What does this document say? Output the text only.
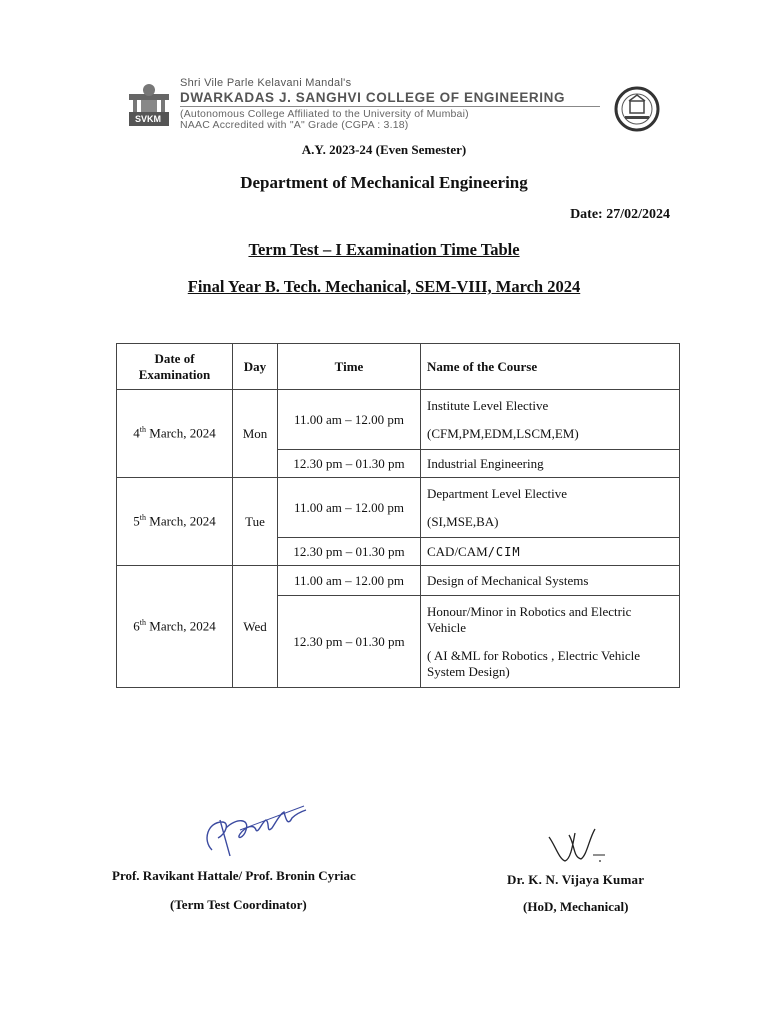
SVKM
Shri Vile Parle Kelavani Mandal's
DWARKADAS J. SANGHVI COLLEGE OF ENGINEERING
(Autonomous College Affiliated to the University of Mumbai)
NAAC Accredited with "A" Grade (CGPA : 3.18)
A.Y. 2023-24 (Even Semester)
Department of Mechanical Engineering
Date: 27/02/2024
Term Test – I Examination Time Table
Final Year B. Tech. Mechanical, SEM-VIII, March 2024
Date of Examination	Day	Time	Name of the Course
4th March, 2024	Mon	11.00 am – 12.00 pm	Institute Level Elective
(CFM,PM,EDM,LSCM,EM)

		12.30 pm – 01.30 pm	Industrial Engineering
5th March, 2024	Tue	11.00 am – 12.00 pm	Department Level Elective
(SI,MSE,BA)

		12.30 pm – 01.30 pm	CAD/CAM/CIM
6th March, 2024	Wed	11.00 am – 12.00 pm	Design of Mechanical Systems
		12.30 pm – 01.30 pm	Honour/Minor in Robotics and Electric Vehicle
( AI &ML for Robotics , Electric Vehicle System Design)
Prof. Ravikant Hattale/ Prof. Bronin Cyriac
(Term Test Coordinator)
Dr. K. N. Vijaya Kumar
(HoD, Mechanical)
